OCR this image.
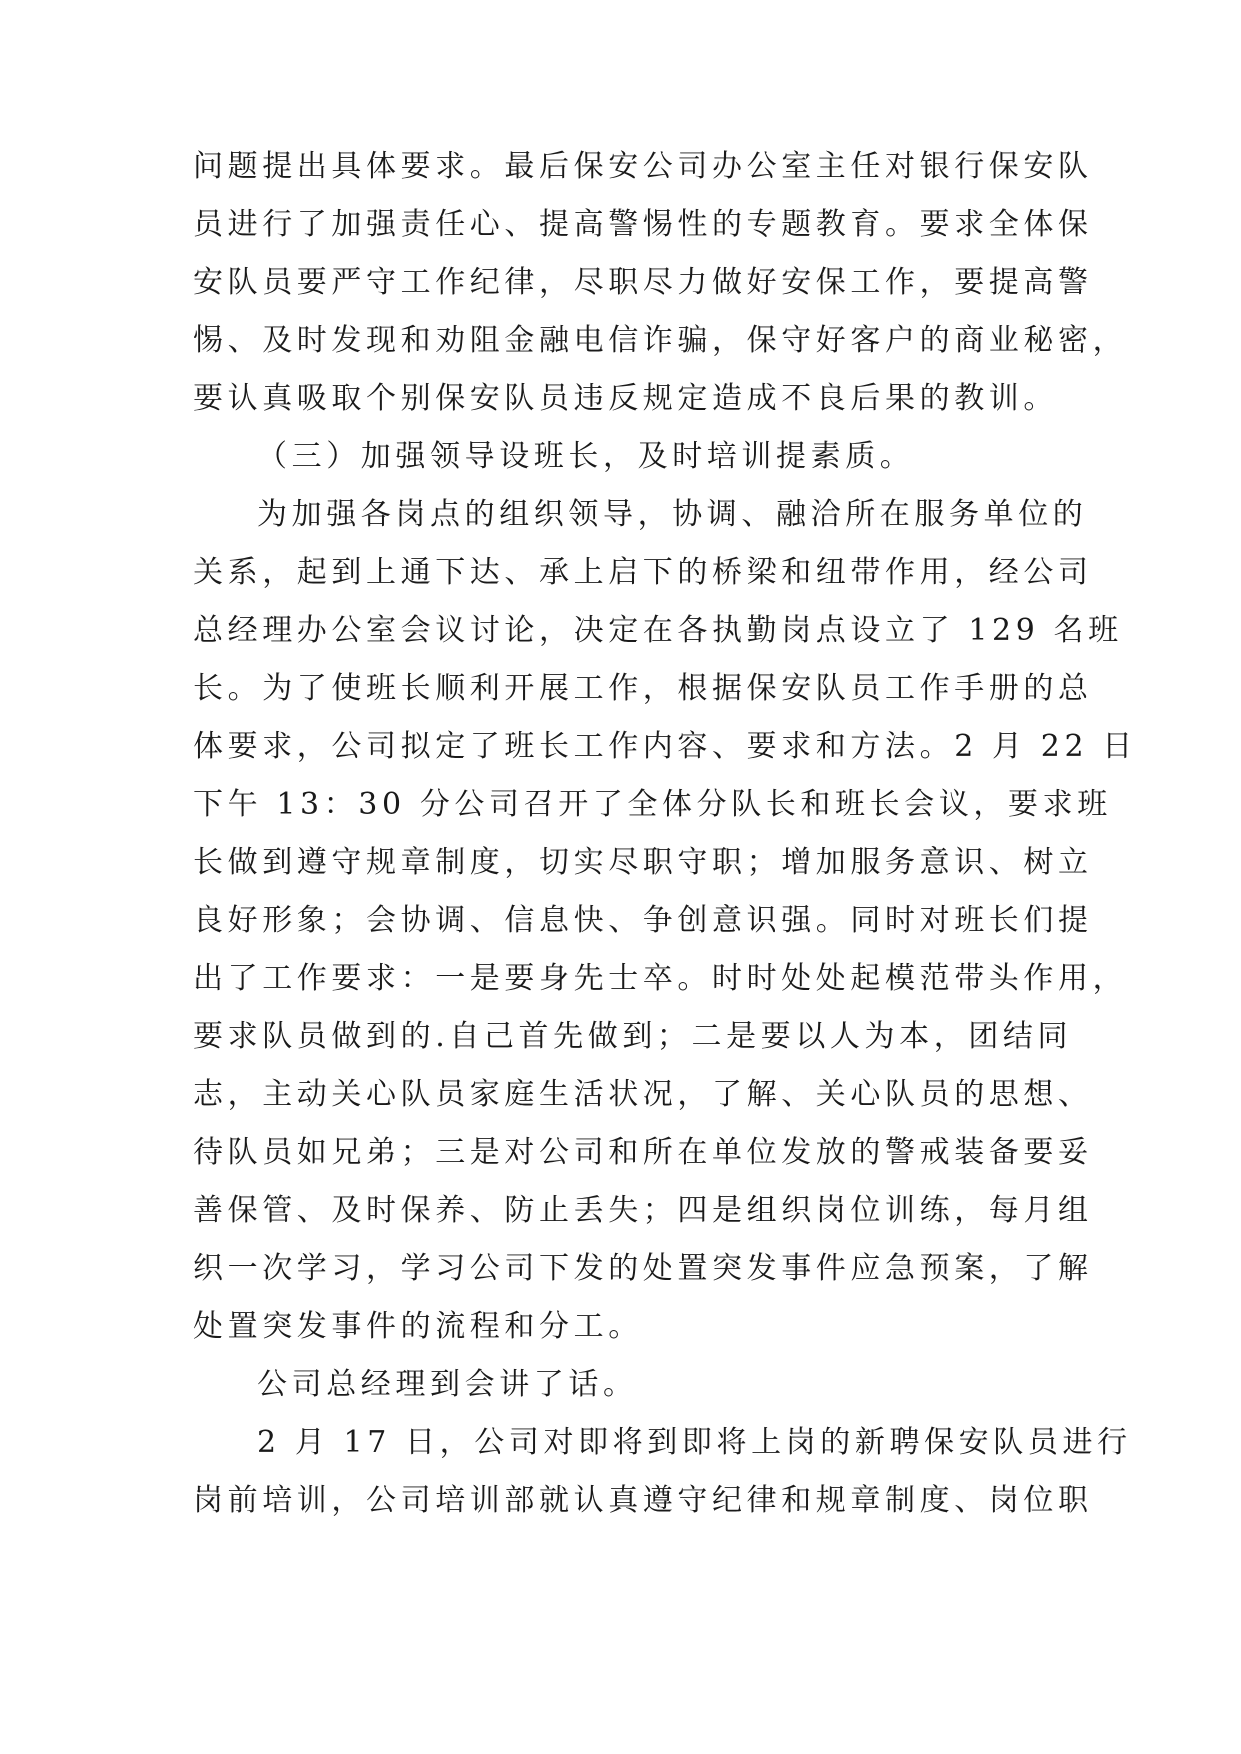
问题提出具体要求。最后保安公司办公室主任对银行保安队
员进行了加强责任心、提高警惕性的专题教育。要求全体保
安队员要严守工作纪律，尽职尽力做好安保工作，要提高警
惕、及时发现和劝阻金融电信诈骗，保守好客户的商业秘密，
要认真吸取个别保安队员违反规定造成不良后果的教训。
（三）加强领导设班长，及时培训提素质。
为加强各岗点的组织领导，协调、融洽所在服务单位的
关系，起到上通下达、承上启下的桥梁和纽带作用，经公司
总经理办公室会议讨论，决定在各执勤岗点设立了 129 名班
长。为了使班长顺利开展工作，根据保安队员工作手册的总
体要求，公司拟定了班长工作内容、要求和方法。2 月 22 日
下午 13：30 分公司召开了全体分队长和班长会议，要求班
长做到遵守规章制度，切实尽职守职；增加服务意识、树立
良好形象；会协调、信息快、争创意识强。同时对班长们提
出了工作要求：一是要身先士卒。时时处处起模范带头作用，
要求队员做到的.自己首先做到；二是要以人为本，团结同
志，主动关心队员家庭生活状况，了解、关心队员的思想、
待队员如兄弟；三是对公司和所在单位发放的警戒装备要妥
善保管、及时保养、防止丢失；四是组织岗位训练，每月组
织一次学习，学习公司下发的处置突发事件应急预案，了解
处置突发事件的流程和分工。
公司总经理到会讲了话。
2 月 17 日，公司对即将到即将上岗的新聘保安队员进行
岗前培训，公司培训部就认真遵守纪律和规章制度、岗位职
